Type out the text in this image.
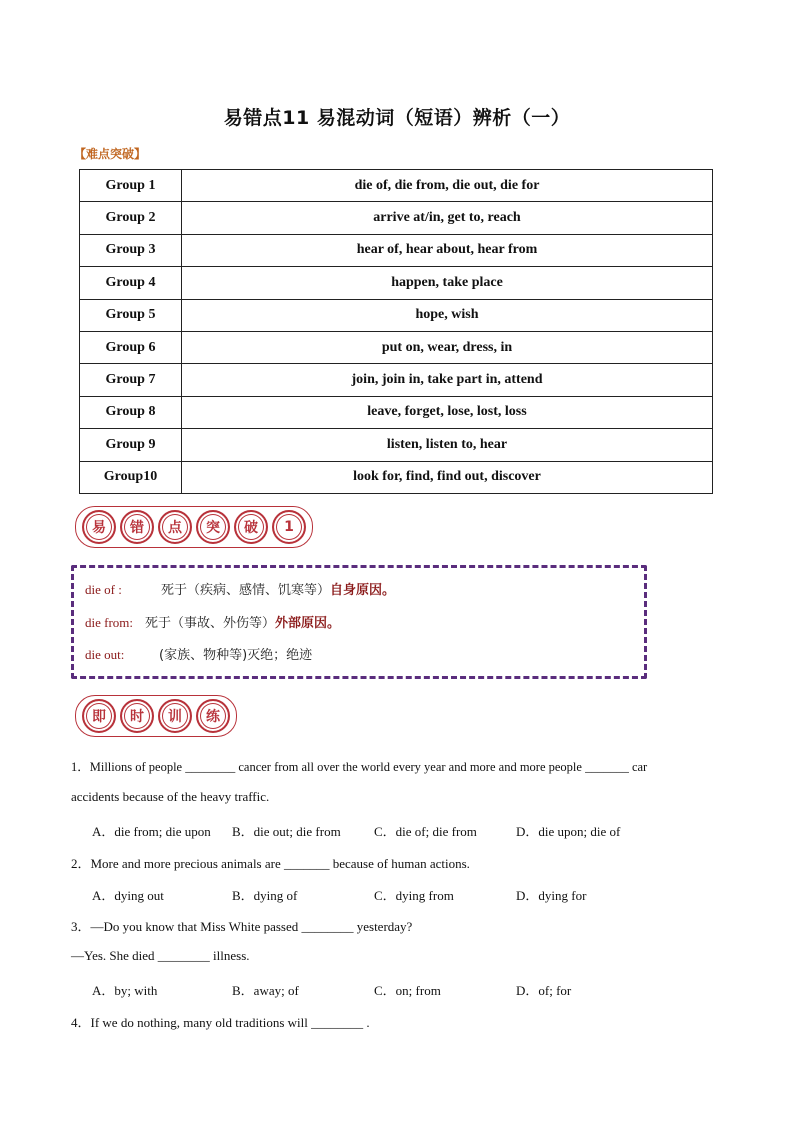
易错点11 易混动词（短语）辨析（一）
【难点突破】
Group 1	die of, die from, die out, die for
Group 2	arrive at/in, get to, reach
Group 3	hear of, hear about, hear from
Group 4	happen, take place
Group 5	hope, wish
Group 6	put on, wear, dress, in
Group 7	join, join in, take part in, attend
Group 8	leave, forget, lose, lost, loss
Group 9	listen, listen to, hear
Group10	look for, find, find out, discover
易	错	点	突	破	1
die of :	死于（疾病、感情、饥寒等）自身原因。
die from: 死于（事故、外伤等）外部原因。
die out:	(家族、物种等)灭绝；绝迹
即	时	训	练
1．Millions of people ________ cancer from all over the world every year and more and more people _______ car
accidents because of the heavy traffic.
A．die from; die upon B．die out; die from	C．die of; die from	D．die upon; die of
2．More and more precious animals are _______ because of human actions.
A．dying out	B．dying of	C．dying from	D．dying for
3．—Do you know that Miss White passed ________ yesterday?
—Yes. She died ________ illness.
A．by; with	B．away; of	C．on; from	D．of; for
4．If we do nothing, many old traditions will ________ .
